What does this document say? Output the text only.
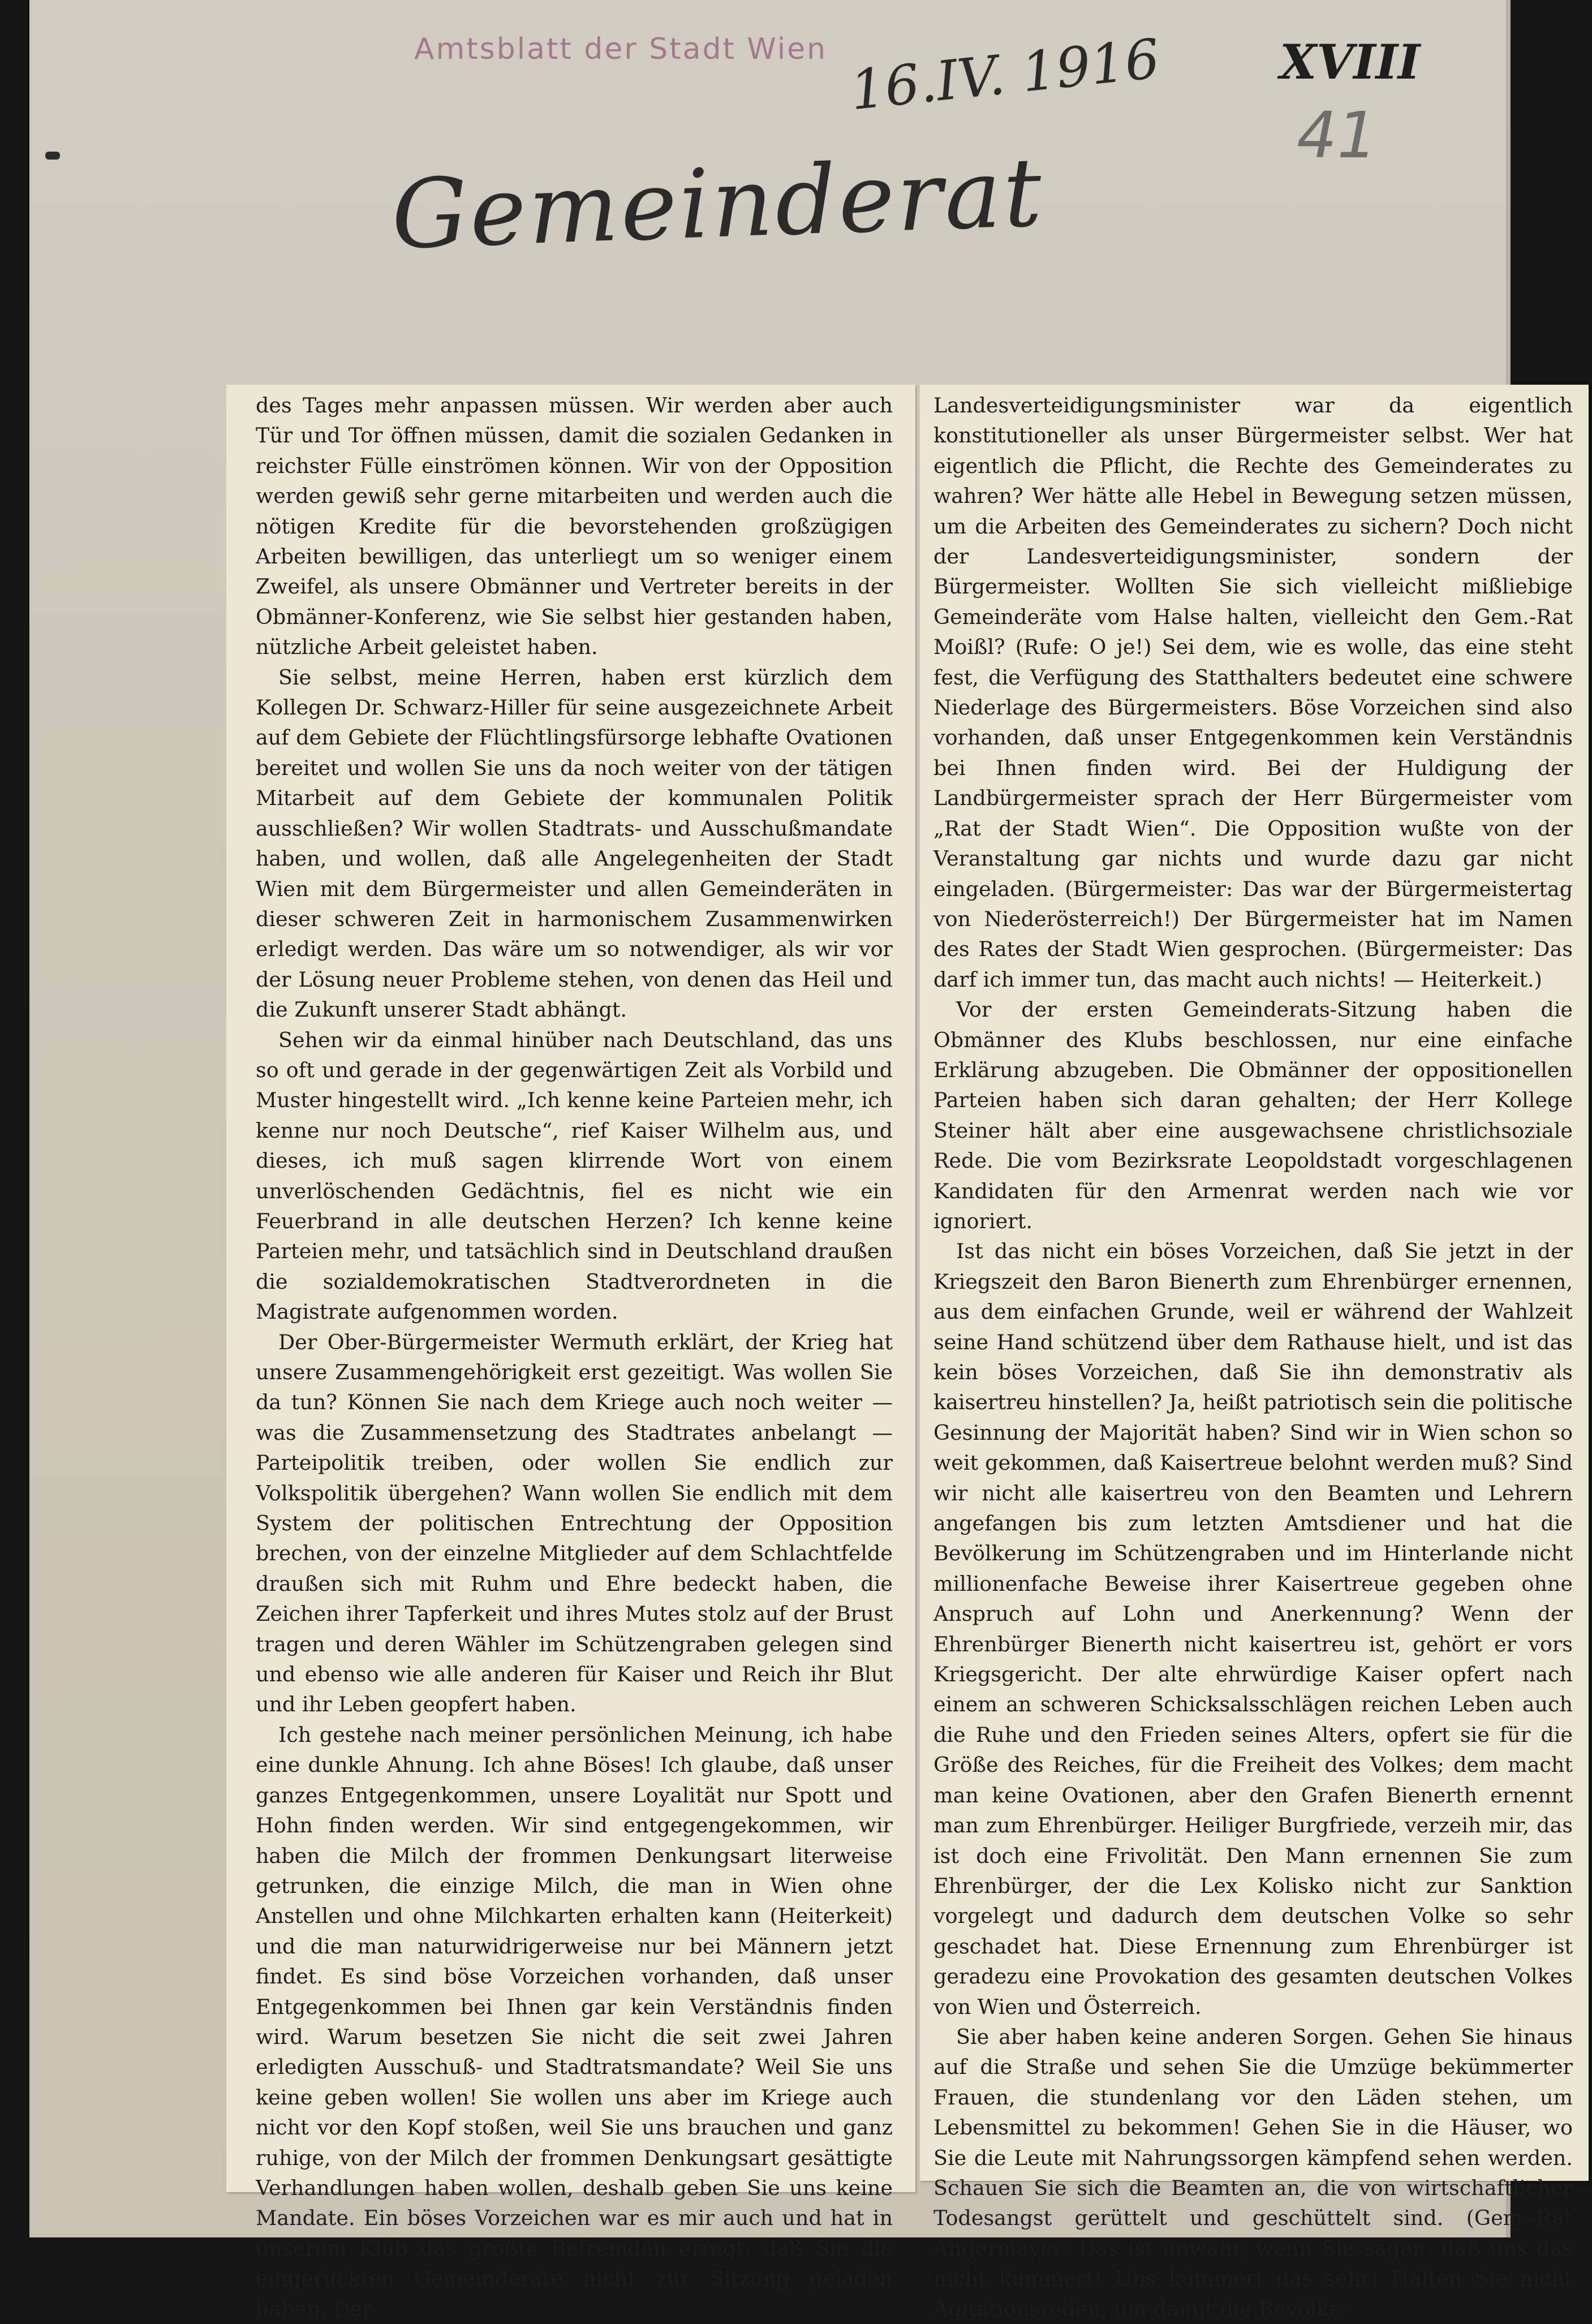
Amtsblatt der Stadt Wien 16.IV. 1916 XVIII
41
Gemeinderat

des Tages mehr anpassen müssen. Wir werden aber auch Tür und Tor öffnen müssen, damit die sozialen Gedanken in reichster Fülle einströmen können. Wir von der Opposition werden gewiß sehr gerne mitarbeiten und werden auch die nötigen Kredite für die bevorstehenden großzügigen Arbeiten bewilligen, das unterliegt um so weniger einem Zweifel, als unsere Obmänner und Vertreter bereits in der Obmänner-Konferenz, wie Sie selbst hier gestanden haben, nützliche Arbeit geleistet haben.

Sie selbst, meine Herren, haben erst kürzlich dem Kollegen Dr. Schwarz-Hiller für seine ausgezeichnete Arbeit auf dem Gebiete der Flüchtlingsfürsorge lebhafte Ovationen bereitet und wollen Sie uns da noch weiter von der tätigen Mitarbeit auf dem Gebiete der kommunalen Politik ausschließen? Wir wollen Stadtrats- und Ausschußmandate haben, und wollen, daß alle Angelegenheiten der Stadt Wien mit dem Bürgermeister und allen Gemeinderäten in dieser schweren Zeit in harmonischem Zusammenwirken erledigt werden. Das wäre um so notwendiger, als wir vor der Lösung neuer Probleme stehen, von denen das Heil und die Zukunft unserer Stadt abhängt.

Sehen wir da einmal hinüber nach Deutschland, das uns so oft und gerade in der gegenwärtigen Zeit als Vorbild und Muster hingestellt wird. „Ich kenne keine Parteien mehr, ich kenne nur noch Deutsche“, rief Kaiser Wilhelm aus, und dieses, ich muß sagen klirrende Wort von einem unverlöschenden Gedächtnis, fiel es nicht wie ein Feuerbrand in alle deutschen Herzen? Ich kenne keine Parteien mehr, und tatsächlich sind in Deutschland draußen die sozialdemokratischen Stadtverordneten in die Magistrate aufgenommen worden.

Der Ober-Bürgermeister Wermuth erklärt, der Krieg hat unsere Zusammengehörigkeit erst gezeitigt. Was wollen Sie da tun? Können Sie nach dem Kriege auch noch weiter — was die Zusammensetzung des Stadtrates anbelangt — Parteipolitik treiben, oder wollen Sie endlich zur Volkspolitik übergehen? Wann wollen Sie endlich mit dem System der politischen Entrechtung der Opposition brechen, von der einzelne Mitglieder auf dem Schlachtfelde draußen sich mit Ruhm und Ehre bedeckt haben, die Zeichen ihrer Tapferkeit und ihres Mutes stolz auf der Brust tragen und deren Wähler im Schützengraben gelegen sind und ebenso wie alle anderen für Kaiser und Reich ihr Blut und ihr Leben geopfert haben.

Ich gestehe nach meiner persönlichen Meinung, ich habe eine dunkle Ahnung. Ich ahne Böses! Ich glaube, daß unser ganzes Entgegenkommen, unsere Loyalität nur Spott und Hohn finden werden. Wir sind entgegengekommen, wir haben die Milch der frommen Denkungsart literweise getrunken, die einzige Milch, die man in Wien ohne Anstellen und ohne Milchkarten erhalten kann (Heiterkeit) und die man naturwidrigerweise nur bei Männern jetzt findet. Es sind böse Vorzeichen vorhanden, daß unser Entgegenkommen bei Ihnen gar kein Verständnis finden wird. Warum besetzen Sie nicht die seit zwei Jahren erledigten Ausschuß- und Stadtratsmandate? Weil Sie uns keine geben wollen! Sie wollen uns aber im Kriege auch nicht vor den Kopf stoßen, weil Sie uns brauchen und ganz ruhige, von der Milch der frommen Denkungsart gesättigte Verhandlungen haben wollen, deshalb geben Sie uns keine Mandate. Ein böses Vorzeichen war es mir auch und hat in unserem Klub das größte Befremden erregt, daß Sie die eingerückten Gemeinderäte nicht zur Sitzung geladen haben. Der

Landesverteidigungsminister war da eigentlich konstitutioneller als unser Bürgermeister selbst. Wer hat eigentlich die Pflicht, die Rechte des Gemeinderates zu wahren? Wer hätte alle Hebel in Bewegung setzen müssen, um die Arbeiten des Gemeinderates zu sichern? Doch nicht der Landesverteidigungsminister, sondern der Bürgermeister. Wollten Sie sich vielleicht mißliebige Gemeinderäte vom Halse halten, vielleicht den Gem.-Rat Moißl? (Rufe: O je!) Sei dem, wie es wolle, das eine steht fest, die Verfügung des Statthalters bedeutet eine schwere Niederlage des Bürgermeisters. Böse Vorzeichen sind also vorhanden, daß unser Entgegenkommen kein Verständnis bei Ihnen finden wird. Bei der Huldigung der Landbürgermeister sprach der Herr Bürgermeister vom „Rat der Stadt Wien“. Die Opposition wußte von der Veranstaltung gar nichts und wurde dazu gar nicht eingeladen. (Bürgermeister: Das war der Bürgermeistertag von Niederösterreich!) Der Bürgermeister hat im Namen des Rates der Stadt Wien gesprochen. (Bürgermeister: Das darf ich immer tun, das macht auch nichts! — Heiterkeit.)

Vor der ersten Gemeinderats-Sitzung haben die Obmänner des Klubs beschlossen, nur eine einfache Erklärung abzugeben. Die Obmänner der oppositionellen Parteien haben sich daran gehalten; der Herr Kollege Steiner hält aber eine ausgewachsene christlichsoziale Rede. Die vom Bezirksrate Leopoldstadt vorgeschlagenen Kandidaten für den Armenrat werden nach wie vor ignoriert.

Ist das nicht ein böses Vorzeichen, daß Sie jetzt in der Kriegszeit den Baron Bienerth zum Ehrenbürger ernennen, aus dem einfachen Grunde, weil er während der Wahlzeit seine Hand schützend über dem Rathause hielt, und ist das kein böses Vorzeichen, daß Sie ihn demonstrativ als kaisertreu hinstellen? Ja, heißt patriotisch sein die politische Gesinnung der Majorität haben? Sind wir in Wien schon so weit gekommen, daß Kaisertreue belohnt werden muß? Sind wir nicht alle kaisertreu von den Beamten und Lehrern angefangen bis zum letzten Amtsdiener und hat die Bevölkerung im Schützengraben und im Hinterlande nicht millionenfache Beweise ihrer Kaisertreue gegeben ohne Anspruch auf Lohn und Anerkennung? Wenn der Ehrenbürger Bienerth nicht kaisertreu ist, gehört er vors Kriegsgericht. Der alte ehrwürdige Kaiser opfert nach einem an schweren Schicksalsschlägen reichen Leben auch die Ruhe und den Frieden seines Alters, opfert sie für die Größe des Reiches, für die Freiheit des Volkes; dem macht man keine Ovationen, aber den Grafen Bienerth ernennt man zum Ehrenbürger. Heiliger Burgfriede, verzeih mir, das ist doch eine Frivolität. Den Mann ernennen Sie zum Ehrenbürger, der die Lex Kolisko nicht zur Sanktion vorgelegt und dadurch dem deutschen Volke so sehr geschadet hat. Diese Ernennung zum Ehrenbürger ist geradezu eine Provokation des gesamten deutschen Volkes von Wien und Österreich.

Sie aber haben keine anderen Sorgen. Gehen Sie hinaus auf die Straße und sehen Sie die Umzüge bekümmerter Frauen, die stundenlang vor den Läden stehen, um Lebensmittel zu bekommen! Gehen Sie in die Häuser, wo Sie die Leute mit Nahrungssorgen kämpfend sehen werden. Schauen Sie sich die Beamten an, die von wirtschaftlicher Todesangst gerüttelt und geschüttelt sind. (Gem.-Rat Angermayer: Das ist unwahr, wenn Sie sagen, daß uns das nicht kümmert! Uns kümmert das sehr! Halten Sie nicht Agitationsreden, um damit die Bevölke-
